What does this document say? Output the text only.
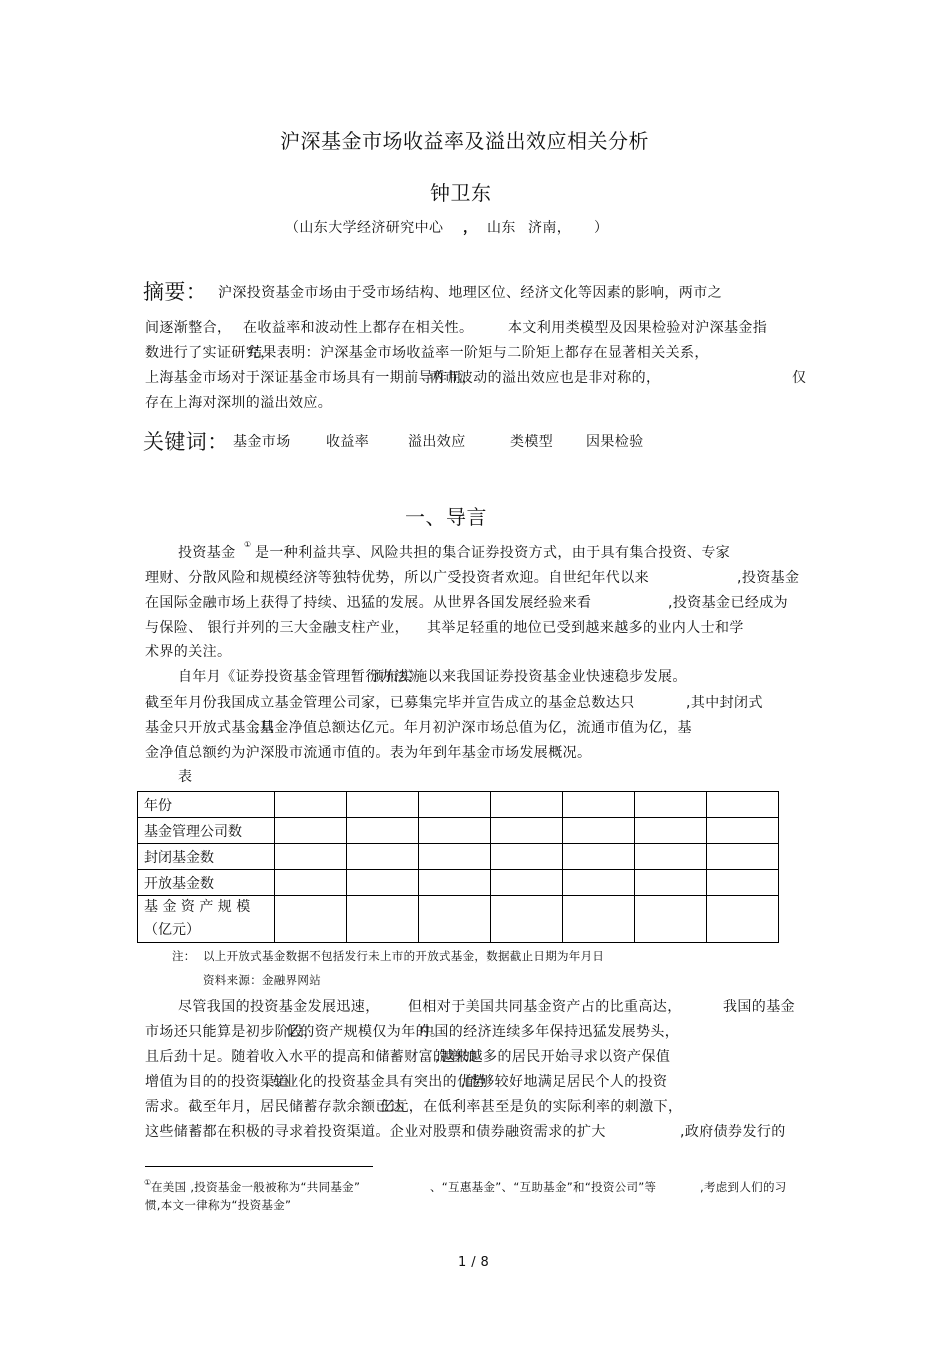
沪深基金市场收益率及溢出效应相关分析
钟卫东
（山东大学经济研究中心 ， 山东 济南， ）
摘要： 沪深投资基金市场由于受市场结构、地理区位、经济文化等因素的影响，两市之
间逐渐整合， 在收益率和波动性上都存在相关性。 本文利用类模型及因果检验对沪深基金指
数进行了实证研究，
结果表明：沪深基金市场收益率一阶矩与二阶矩上都存在显著相关关系，
上海基金市场对于深证基金市场具有一期前导作用，
两市波动的溢出效应也是非对称的，	仅
存在上海对深圳的溢出效应。
关键词： 基金市场	收益率	溢出效应	类模型 因果检验
一、导言
投资基金
①
是一种利益共享、风险共担的集合证券投资方式，由于具有集合投资、专家
理财、分散风险和规模经济等独特优势，所以广受投资者欢迎。自世纪年代以来	,投资基金
在国际金融市场上获得了持续、迅猛的发展。从世界各国发展经验来看	,投资基金已经成为
与保险、 银行并列的三大金融支柱产业， 其举足轻重的地位已受到越来越多的业内人士和学
术界的关注。
自年月《证券投资基金管理暂行办法》
颁布实施以来我国证券投资基金业快速稳步发展。
截至年月份我国成立基金管理公司家，已募集完毕并宣告成立的基金总数达只	,其中封闭式
基金只开放式基金只
,基金净值总额达亿元。年月初沪深市场总值为亿，流通市值为亿，基
金净值总额约为沪深股市流通市值的。表为年到年基金市场发展概况。
表
年份							
基金管理公司数							
封闭基金数							
开放基金数							

基 金 资 产 规 模
（亿元）							

注： 以上开放式基金数据不包括发行未上市的开放式基金，数据截止日期为年月日
资料来源：金融界网站
尽管我国的投资基金发展迅速， 但相对于美国共同基金资产占的比重高达，	我国的基金
市场还只能算是初步阶段，
亿的资产规模仅为年的。
中国的经济连续多年保持迅猛发展势头，
且后劲十足。随着收入水平的提高和储蓄财富的增加
,越来越多的居民开始寻求以资产保值
增值为目的的投资渠道
,专业化的投资基金具有突出的优势
,能够较好地满足居民个人的投资
需求。截至年月，居民储蓄存款余额已达
亿元，在低利率甚至是负的实际利率的刺激下，
这些储蓄都在积极的寻求着投资渠道。企业对股票和债券融资需求的扩大	,政府债券发行的
① 在美国 ,投资基金一般被称为“共同基金”	、“互惠基金”、“互助基金”和“投资公司”等	,考虑到人们的习
惯,本文一律称为“投资基金”
1 / 8
